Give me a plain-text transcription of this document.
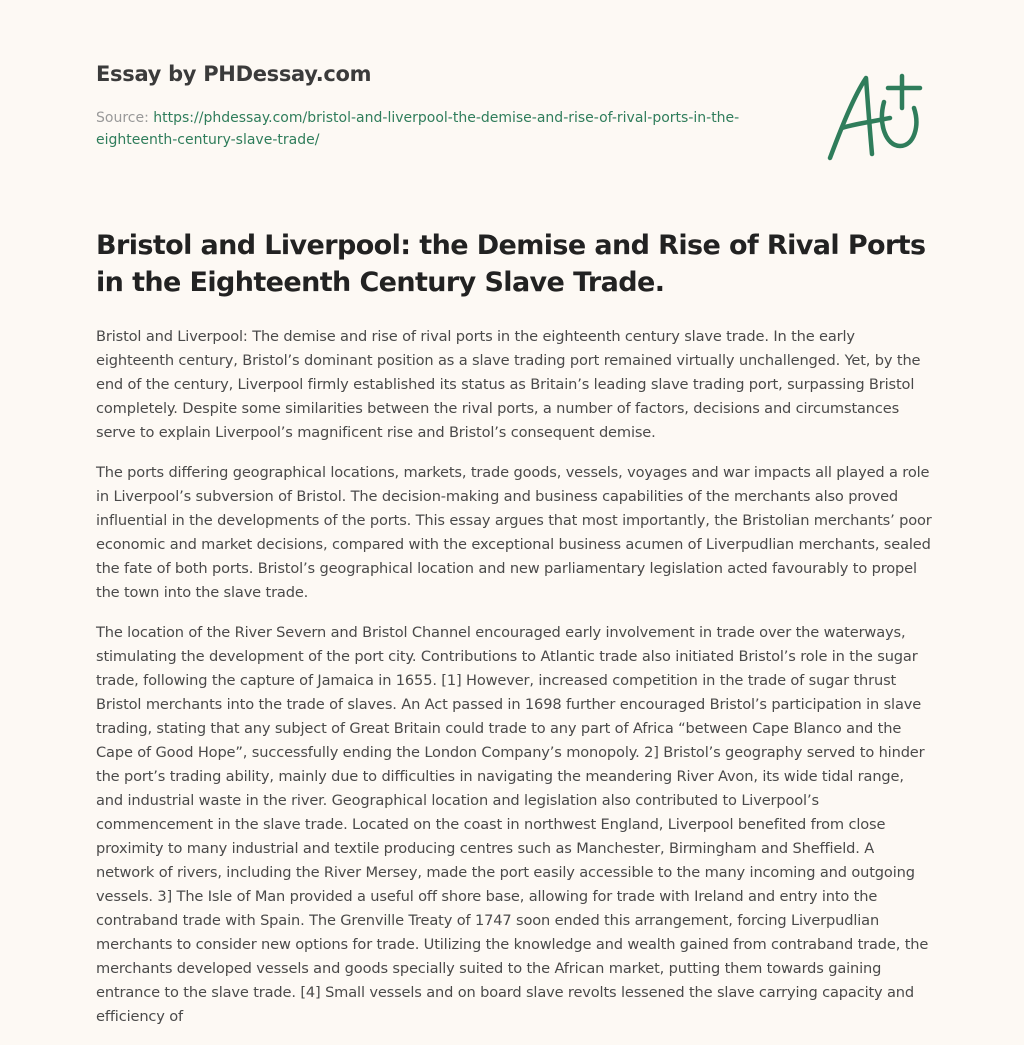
Essay by PHDessay.com
Source: https://phdessay.com/bristol-and-liverpool-the-demise-and-rise-of-rival-ports-in-the-eighteenth-century-slave-trade/
Bristol and Liverpool: the Demise and Rise of Rival Ports in the Eighteenth Century Slave Trade.

Bristol and Liverpool: The demise and rise of rival ports in the eighteenth century slave trade. In the early eighteenth century, Bristol’s dominant position as a slave trading port remained virtually unchallenged. Yet, by the end of the century, Liverpool firmly established its status as Britain’s leading slave trading port, surpassing Bristol completely. Despite some similarities between the rival ports, a number of factors, decisions and circumstances serve to explain Liverpool’s magnificent rise and Bristol’s consequent demise.

The ports differing geographical locations, markets, trade goods, vessels, voyages and war impacts all played a role in Liverpool’s subversion of Bristol. The decision-making and business capabilities of the merchants also proved influential in the developments of the ports. This essay argues that most importantly, the Bristolian merchants’ poor economic and market decisions, compared with the exceptional business acumen of Liverpudlian merchants, sealed the fate of both ports. Bristol’s geographical location and new parliamentary legislation acted favourably to propel the town into the slave trade.

The location of the River Severn and Bristol Channel encouraged early involvement in trade over the waterways, stimulating the development of the port city. Contributions to Atlantic trade also initiated Bristol’s role in the sugar trade, following the capture of Jamaica in 1655. [1] However, increased competition in the trade of sugar thrust Bristol merchants into the trade of slaves. An Act passed in 1698 further encouraged Bristol’s participation in slave trading, stating that any subject of Great Britain could trade to any part of Africa “between Cape Blanco and the Cape of Good Hope”, successfully ending the London Company’s monopoly. 2] Bristol’s geography served to hinder the port’s trading ability, mainly due to difficulties in navigating the meandering River Avon, its wide tidal range, and industrial waste in the river. Geographical location and legislation also contributed to Liverpool’s commencement in the slave trade. Located on the coast in northwest England, Liverpool benefited from close proximity to many industrial and textile producing centres such as Manchester, Birmingham and Sheffield. A network of rivers, including the River Mersey, made the port easily accessible to the many incoming and outgoing vessels. 3] The Isle of Man provided a useful off shore base, allowing for trade with Ireland and entry into the contraband trade with Spain. The Grenville Treaty of 1747 soon ended this arrangement, forcing Liverpudlian merchants to consider new options for trade. Utilizing the knowledge and wealth gained from contraband trade, the merchants developed vessels and goods specially suited to the African market, putting them towards gaining entrance to the slave trade. [4] Small vessels and on board slave revolts lessened the slave carrying capacity and efficiency of
